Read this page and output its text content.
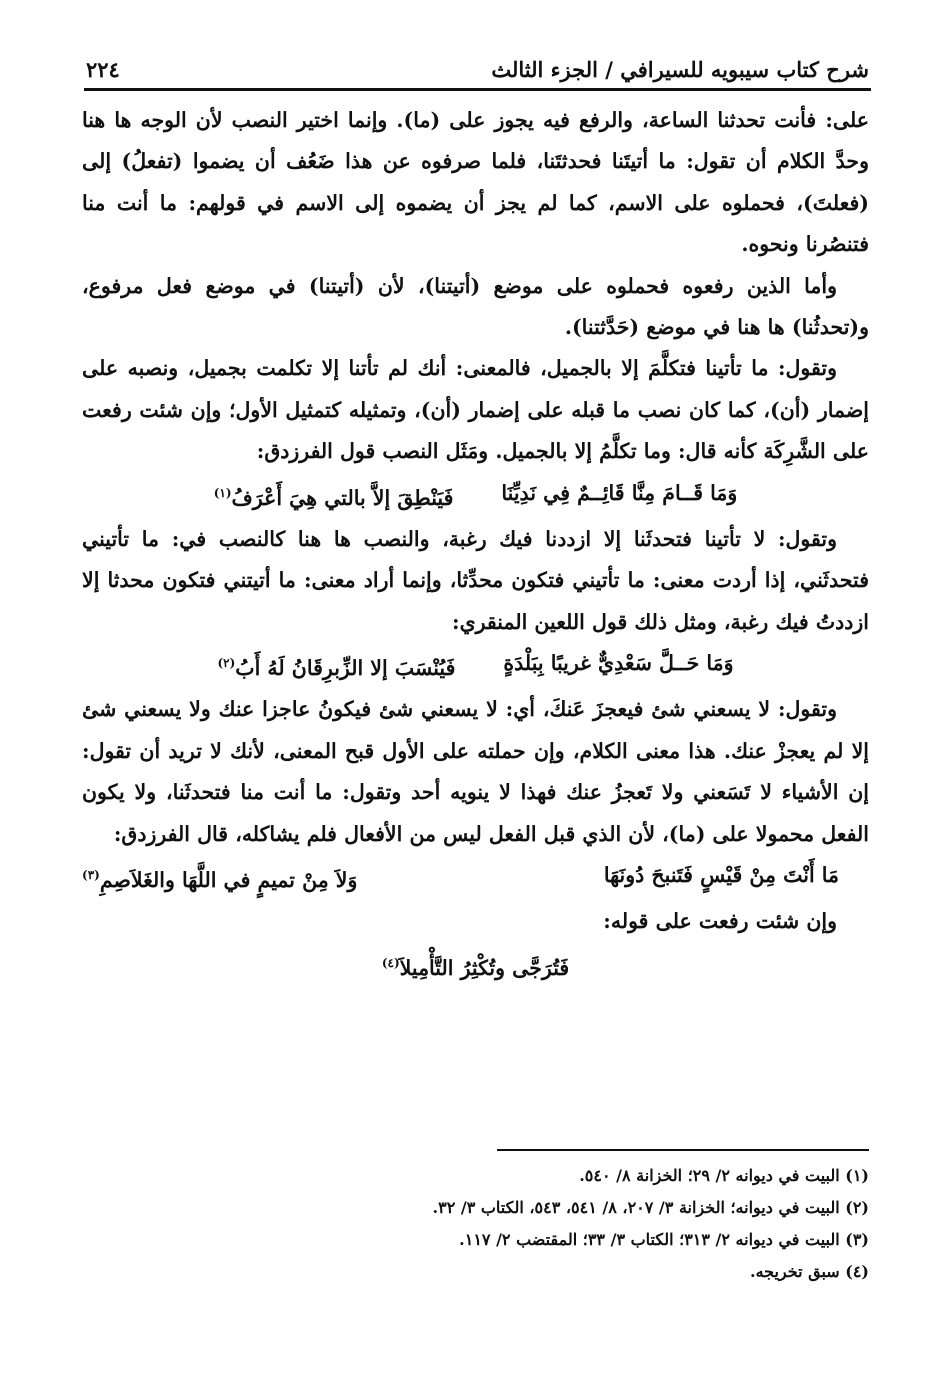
شرح كتاب سيبويه للسيرافي / الجزء الثالث
٢٢٤

على: فأنت تحدثنا الساعة، والرفع فيه يجوز على (ما). وإنما اختير النصب لأن الوجه ها هنا وحدَّ الكلام أن تقول: ما أتيتَنا فحدثتَنا، فلما صرفوه عن هذا ضَعُف أن يضموا (تفعلُ) إلى (فعلتَ)، فحملوه على الاسم، كما لم يجز أن يضموه إلى الاسم في قولهم: ما أنت منا فتنصُرنا ونحوه.

وأما الذين رفعوه فحملوه على موضع (أتيتنا)، لأن (أتيتنا) في موضع فعل مرفوع، و(تحدثُنا) ها هنا في موضع (حَدَّثتنا).

وتقول: ما تأتينا فتكلَّمَ إلا بالجميل، فالمعنى: أنك لم تأتنا إلا تكلمت بجميل، ونصبه على إضمار (أن)، كما كان نصب ما قبله على إضمار (أن)، وتمثيله كتمثيل الأول؛ وإن شئت رفعت على الشَّرِكَة كأنه قال: وما تكلَّمُ إلا بالجميل. ومَثَل النصب قول الفرزدق:

وَمَا قَــامَ مِنَّا قَائِــمٌ فِي نَدِيِّنَا
فَيَنْطِقَ إلاَّ بالتي هِيَ أَعْرَفُ$^{(١)}$

وتقول: لا تأتينا فتحدثَنا إلا ازددنا فيك رغبة، والنصب ها هنا كالنصب في: ما تأتيني فتحدثَني، إذا أردت معنى: ما تأتيني فتكون محدِّثا، وإنما أراد معنى: ما أتيتني فتكون محدثا إلا ازددتُ فيك رغبة، ومثل ذلك قول اللعين المنقري:

وَمَا حَــلَّ سَعْدِيٌّ غريبًا بِبَلْدَةٍ
فَيُنْسَبَ إلا الزِّبرِقَانُ لَهُ أَبُ$^{(٢)}$

وتقول: لا يسعني شئ فيعجزَ عَنكَ، أي: لا يسعني شئ فيكونُ عاجزا عنك ولا يسعني شئ إلا لم يعجزْ عنك. هذا معنى الكلام، وإن حملته على الأول قبح المعنى، لأنك لا تريد أن تقول: إن الأشياء لا تَسَعني ولا تَعجزُ عنك فهذا لا ينويه أحد وتقول: ما أنت منا فتحدثَنا، ولا يكون الفعل محمولا على (ما)، لأن الذي قبل الفعل ليس من الأفعال فلم يشاكله، قال الفرزدق:

مَا أَنْتَ مِنْ قَيْسٍ فَتَنبحَ دُونَهَا
وَلاَ مِنْ تميمٍ في اللَّهَا والغَلاَصِمِ$^{(٣)}$

وإن شئت رفعت على قوله:

فَتُرَجَّى وتُكْثِرُ التَّأْمِيلاَ$^{(٤)}$

(١) البيت في ديوانه ٢/ ٢٩؛ الخزانة ٨/ ٥٤٠.

(٢) البيت في ديوانه؛ الخزانة ٣/ ٢٠٧، ٨/ ٥٤١، ٥٤٣، الكتاب ٣/ ٣٢.

(٣) البيت في ديوانه ٢/ ٣١٣؛ الكتاب ٣/ ٣٣؛ المقتضب ٢/ ١١٧.

(٤) سبق تخريجه.
